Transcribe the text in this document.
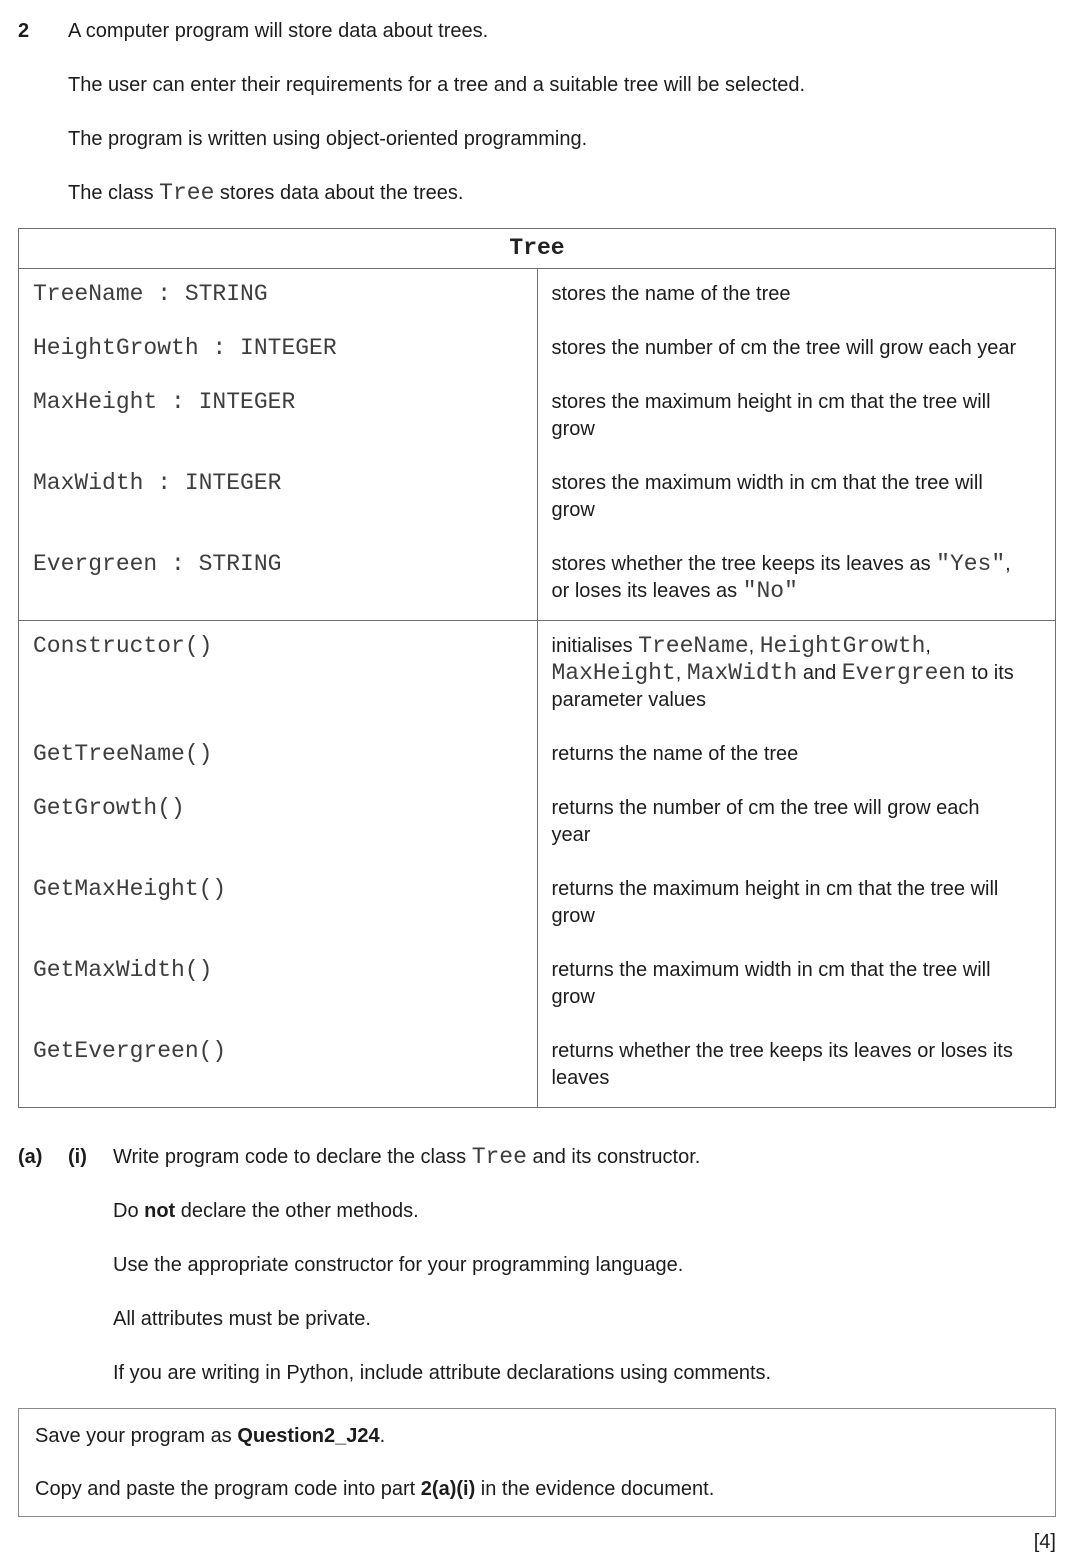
2	A computer program will store data about trees.

The user can enter their requirements for a tree and a suitable tree will be selected.

The program is written using object-oriented programming.

The class Tree stores data about the trees.

Tree	
TreeName : STRING	stores the name of the tree
HeightGrowth : INTEGER	stores the number of cm the tree will grow each year
MaxHeight : INTEGER	stores the maximum height in cm that the tree will grow
MaxWidth : INTEGER	stores the maximum width in cm that the tree will grow
Evergreen : STRING	stores whether the tree keeps its leaves as "Yes", or loses its leaves as "No"
Constructor()	initialises TreeName, HeightGrowth, MaxHeight, MaxWidth and Evergreen to its parameter values
GetTreeName()	returns the name of the tree
GetGrowth()	returns the number of cm the tree will grow each year
GetMaxHeight()	returns the maximum height in cm that the tree will grow
GetMaxWidth()	returns the maximum width in cm that the tree will grow
GetEvergreen()	returns whether the tree keeps its leaves or loses its leaves
(a)	(i)	Write program code to declare the class Tree and its constructor.

Do not declare the other methods.

Use the appropriate constructor for your programming language.

All attributes must be private.

If you are writing in Python, include attribute declarations using comments.

Save your program as Question2_J24.

Copy and paste the program code into part 2(a)(i) in the evidence document.

[4]
